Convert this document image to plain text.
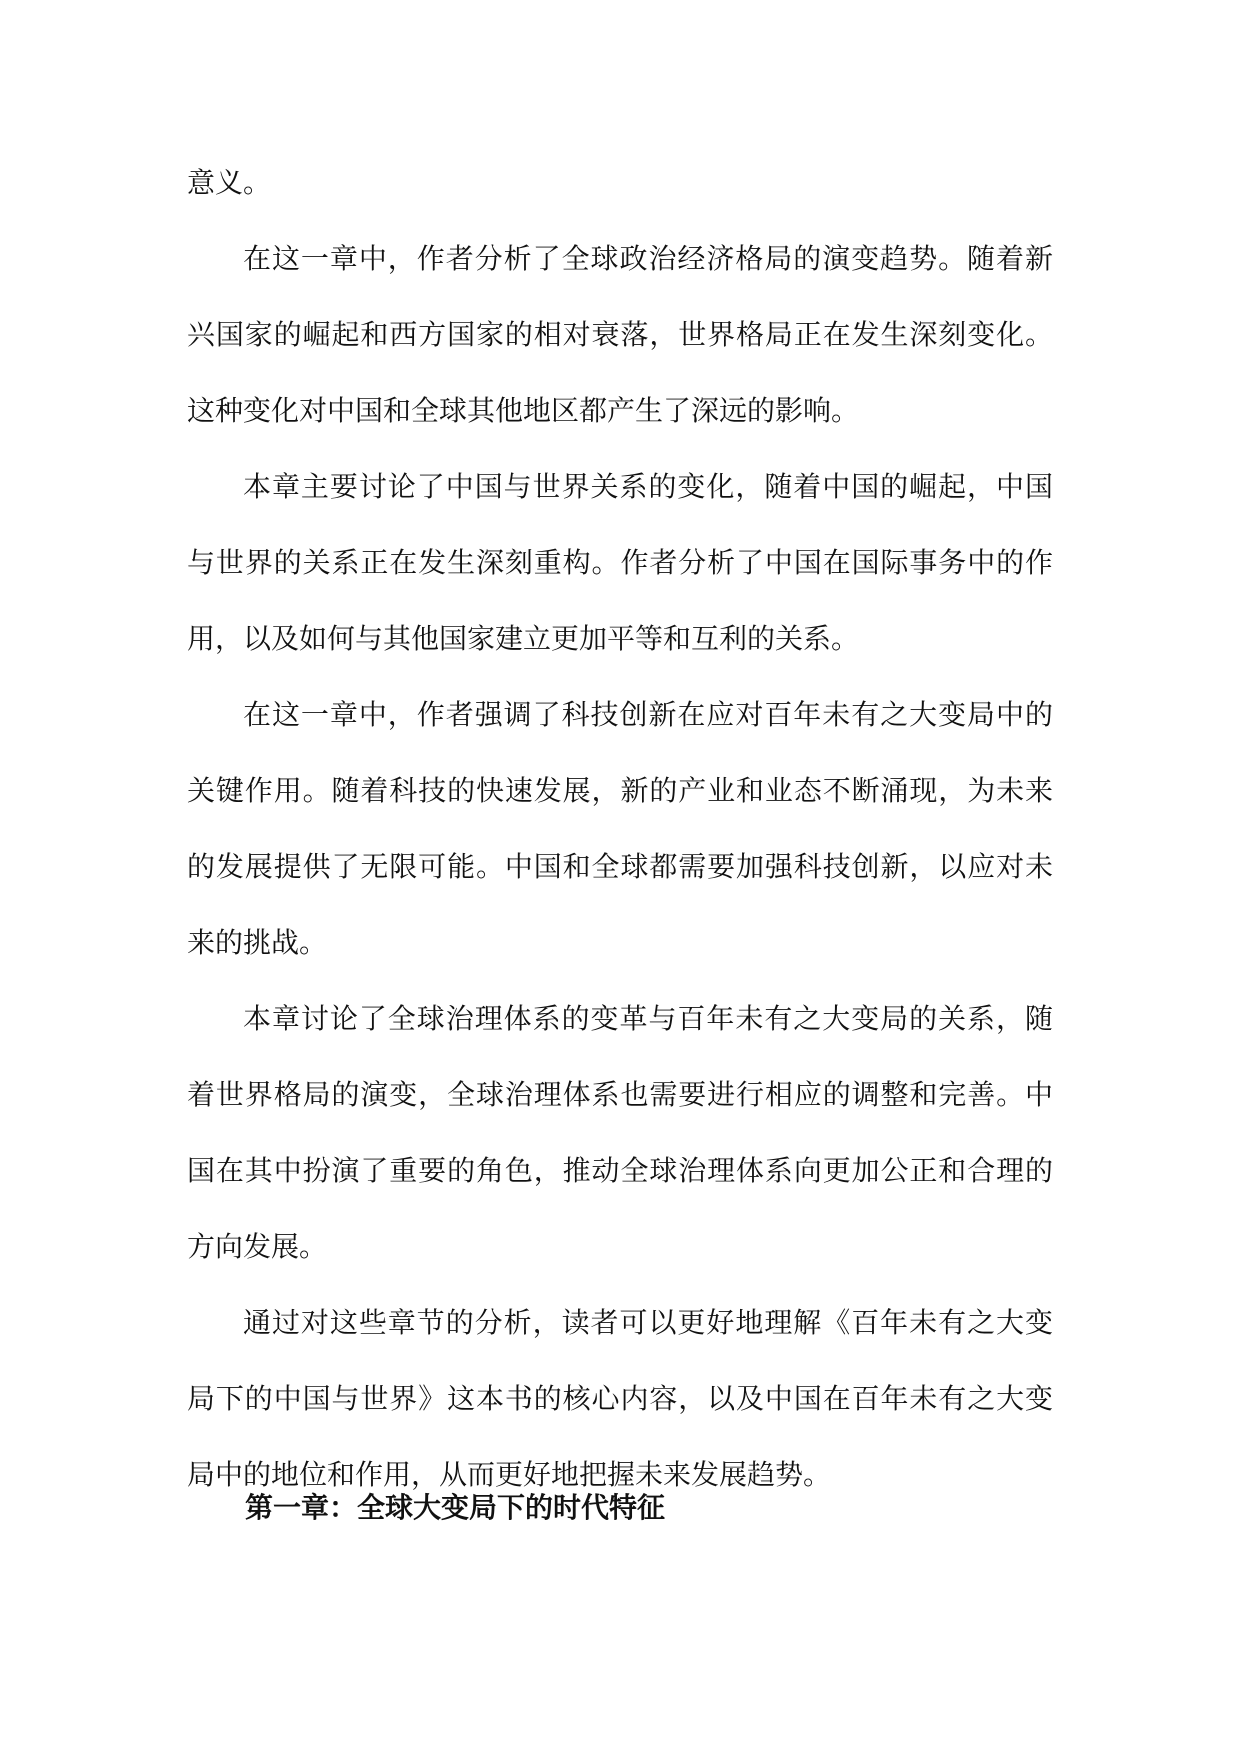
意义。

在这一章中，作者分析了全球政治经济格局的演变趋势。随着新兴国家的崛起和西方国家的相对衰落，世界格局正在发生深刻变化。这种变化对中国和全球其他地区都产生了深远的影响。

本章主要讨论了中国与世界关系的变化，随着中国的崛起，中国与世界的关系正在发生深刻重构。作者分析了中国在国际事务中的作用，以及如何与其他国家建立更加平等和互利的关系。

在这一章中，作者强调了科技创新在应对百年未有之大变局中的关键作用。随着科技的快速发展，新的产业和业态不断涌现，为未来的发展提供了无限可能。中国和全球都需要加强科技创新，以应对未来的挑战。

本章讨论了全球治理体系的变革与百年未有之大变局的关系，随着世界格局的演变，全球治理体系也需要进行相应的调整和完善。中国在其中扮演了重要的角色，推动全球治理体系向更加公正和合理的方向发展。

通过对这些章节的分析，读者可以更好地理解《百年未有之大变局下的中国与世界》这本书的核心内容，以及中国在百年未有之大变局中的地位和作用，从而更好地把握未来发展趋势。

第一章：全球大变局下的时代特征
